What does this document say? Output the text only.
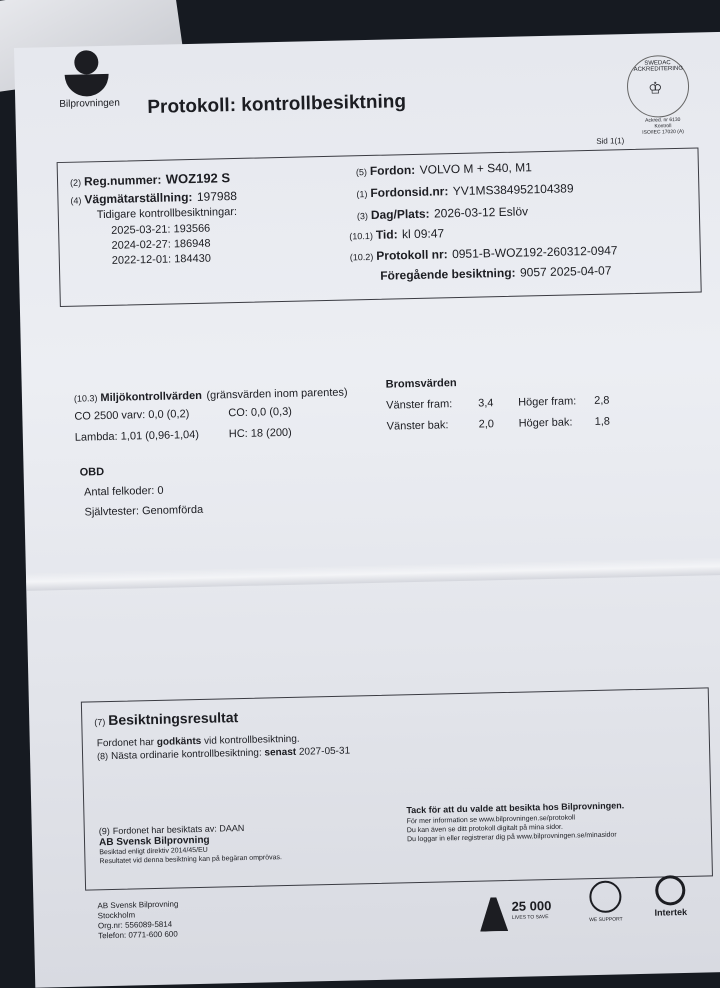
Bilprovningen Protokoll: kontrollbesiktning
SWEDAC ACKREDITERING
♔
Ackred. nr 6130
Kontroll
ISO/IEC 17020 (A)
Sid 1(1)
(2) Reg.nummer: WOZ192 S
(4) Vägmätarställning: 197988
Tidigare kontrollbesiktningar:
2025-03-21: 193566
2024-02-27: 186948
2022-12-01: 184430
(5) Fordon: VOLVO M + S40, M1
(1) Fordonsid.nr: YV1MS384952104389
(3) Dag/Plats: 2026-03-12 Eslöv
(10.1) Tid: kl 09:47
(10.2) Protokoll nr: 0951-B-WOZ192-260312-0947
Föregående besiktning: 9057 2025-04-07
(10.3) Miljökontrollvärden (gränsvärden inom parentes)
CO 2500 varv: 0,0 (0,2)	CO: 0,0 (0,3)
Lambda: 1,01 (0,96-1,04)	HC: 18 (200)
Bromsvärden
Vänster fram: 3,4 Höger fram: 2,8
Vänster bak:	2,0 Höger bak: 1,8
OBD
Antal felkoder: 0
Självtester: Genomförda
(7) Besiktningsresultat
Fordonet har godkänts vid kontrollbesiktning.
(8) Nästa ordinarie kontrollbesiktning: senast 2027-05-31
(9) Fordonet har besiktats av: DAAN
AB Svensk Bilprovning
Besiktad enligt direktiv 2014/45/EU
Resultatet vid denna besiktning kan på begäran omprövas.
Tack för att du valde att besikta hos Bilprovningen.
För mer information se www.bilprovningen.se/protokoll
Du kan även se ditt protokoll digitalt på mina sidor.
Du loggar in eller registrerar dig på www.bilprovningen.se/minasidor
AB Svensk Bilprovning
Stockholm
Org.nr: 556089-5814
Telefon: 0771-600 600
25 000
LIVES TO SAVE	WE SUPPORT
Intertek
